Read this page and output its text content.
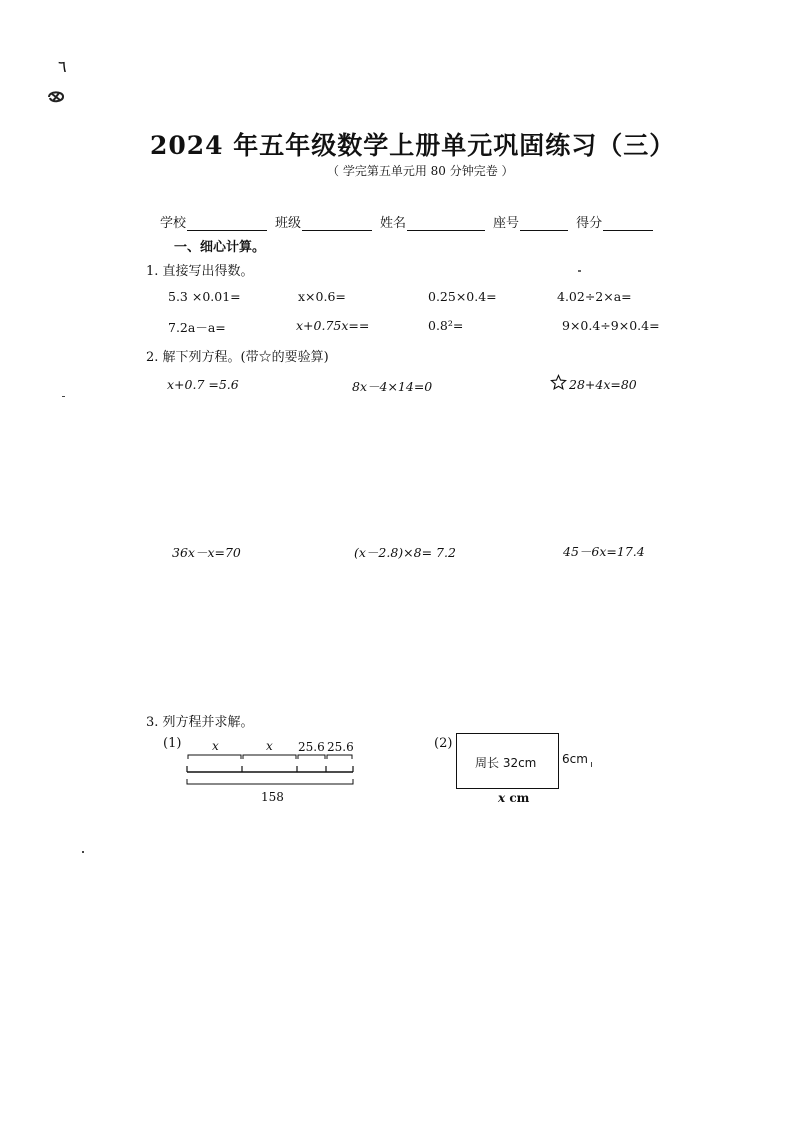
٦
2024 年五年级数学上册单元巩固练习（三）
（ 学完第五单元用 80 分钟完卷 ）
学校	班级	姓名	座号	得分
一、细心计算。
1. 直接写出得数。
5.3 ×0.01=	x×0.6=	0.25×0.4=	4.02÷2×a=
7.2a－a=	x+0.75x==	0.8²=	9×0.4÷9×0.4=
2. 解下列方程。(带☆的要验算)
x+0.7 =5.6	8x－4×14=0	28+4x=80
36x－x=70	(x－2.8)×8= 7.2	45－6x=17.4
3. 列方程并求解。
(1)	x	x 25.6 25.6
158
(2)
周长 32cm 6cm
x cm
